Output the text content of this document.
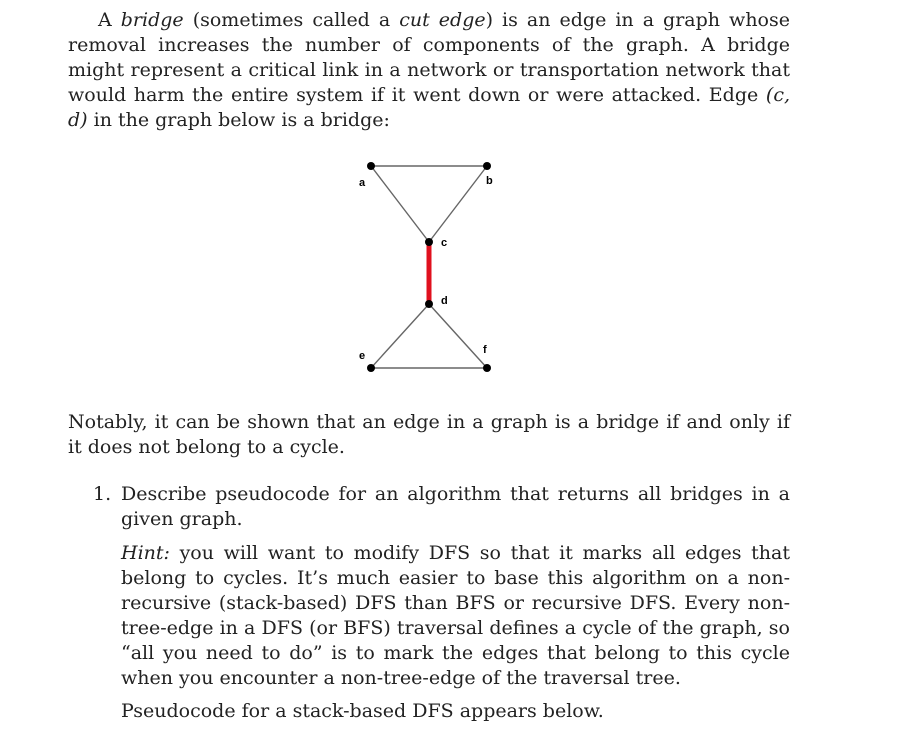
A bridge (sometimes called a cut edge) is an edge in a graph whose removal increases the number of components of the graph. A bridge might represent a critical link in a network or transportation network that would harm the entire system if it went down or were attacked. Edge (c, d) in the graph below is a bridge:

a	b
c
d
e	f

Notably, it can be shown that an edge in a graph is a bridge if and only if it does not belong to a cycle.

1. Describe pseudocode for an algorithm that returns all bridges in a given graph.

Hint: you will want to modify DFS so that it marks all edges that belong to cycles. It’s much easier to base this algorithm on a non-recursive (stack-based) DFS than BFS or recursive DFS. Every non-tree-edge in a DFS (or BFS) traversal defines a cycle of the graph, so “all you need to do” is to mark the edges that belong to this cycle when you encounter a non-tree-edge of the traversal tree.

Pseudocode for a stack-based DFS appears below.
